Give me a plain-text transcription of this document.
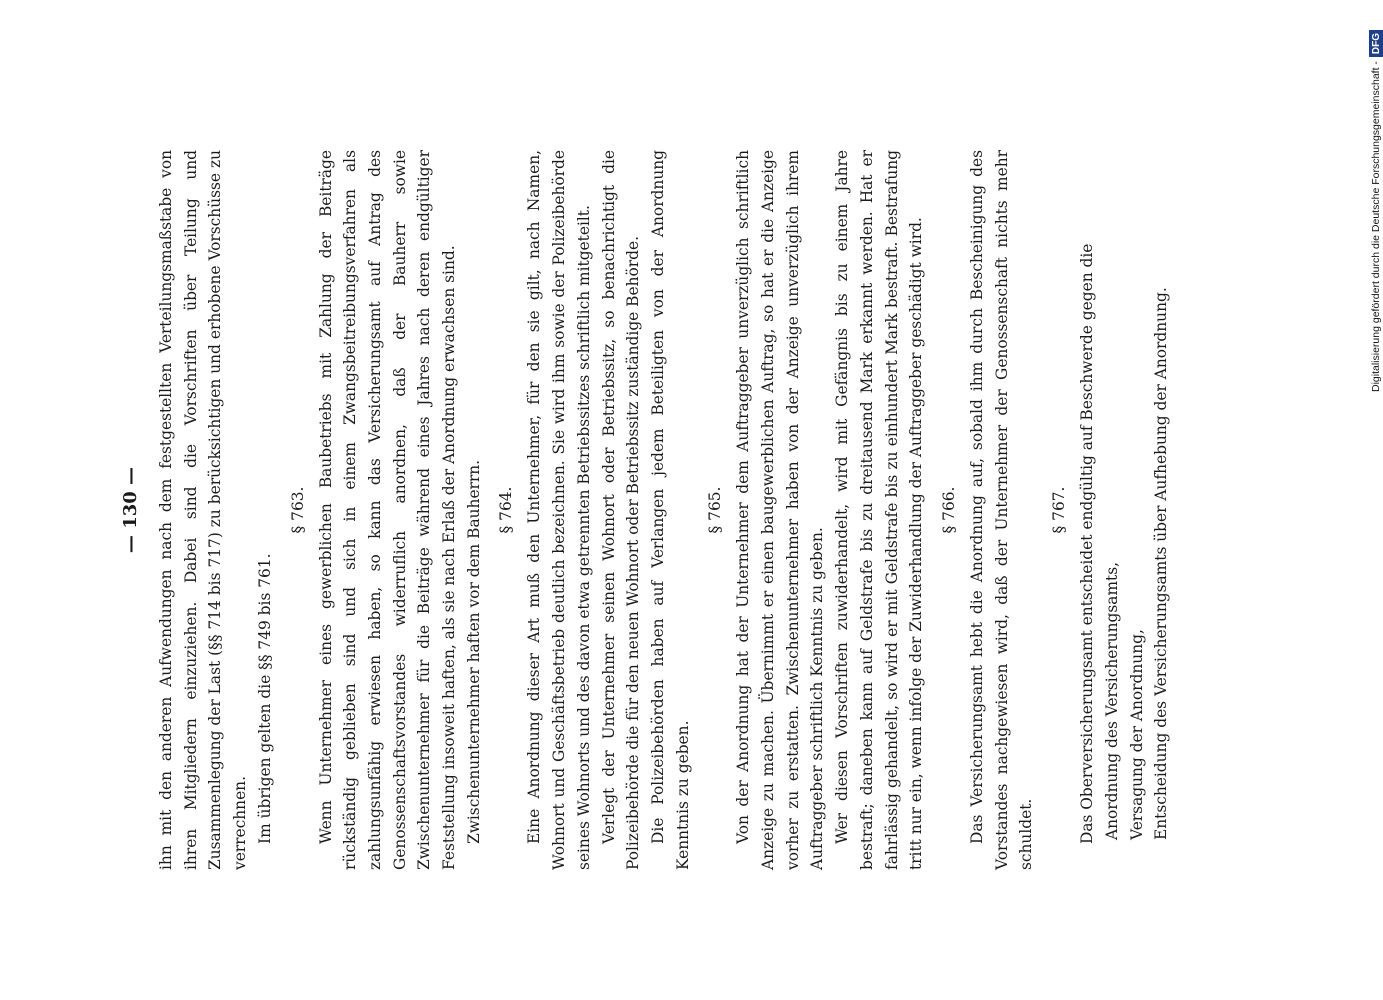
— 130 — ihn mit den anderen Aufwendungen nach dem festgestellten Verteilungsmaßstabe von ihren Mitgliedern einzuziehen. Dabei sind die Vorschriften über Teilung und Zusammenlegung der Last (§§ 714 bis 717) zu berücksichtigen und erhobene Vorschüsse zu verrechnen. Im übrigen gelten die §§ 749 bis 761.

§ 763. Wenn Unternehmer eines gewerblichen Baubetriebs mit Zahlung der Beiträge rückständig geblieben sind und sich in einem Zwangsbeitreibungsverfahren als zahlungsunfähig erwiesen haben, so kann das Versicherungsamt auf Antrag des Genossenschaftsvorstandes widerruflich anordnen, daß der Bauherr sowie Zwischenunternehmer für die Beiträge während eines Jahres nach deren endgültiger Feststellung insoweit haften, als sie nach Erlaß der Anordnung erwachsen sind. Zwischenunternehmer haften vor dem Bauherrn. § 764. Eine Anordnung dieser Art muß den Unternehmer, für den sie gilt, nach Namen, Wohnort und Geschäftsbetrieb deutlich bezeichnen. Sie wird ihm sowie der Polizeibehörde seines Wohnorts und des davon etwa getrennten Betriebssitzes schriftlich mitgeteilt. Verlegt der Unternehmer seinen Wohnort oder Betriebssitz, so benachrichtigt die Polizeibehörde die für den neuen Wohnort oder Betriebssitz zuständige Behörde. Die Polizeibehörden haben auf Verlangen jedem Beteiligten von der Anordnung Kenntnis zu geben.

§ 765. Von der Anordnung hat der Unternehmer dem Auftraggeber unverzüglich schriftlich Anzeige zu machen. Übernimmt er einen baugewerblichen Auftrag, so hat er die Anzeige vorher zu erstatten. Zwischenunternehmer haben von der Anzeige unverzüglich ihrem Auftraggeber schriftlich Kenntnis zu geben. Wer diesen Vorschriften zuwiderhandelt, wird mit Gefängnis bis zu einem Jahre bestraft; daneben kann auf Geldstrafe bis zu dreitausend Mark erkannt werden. Hat er fahrlässig gehandelt, so wird er mit Geldstrafe bis zu einhundert Mark bestraft. Bestrafung tritt nur ein, wenn infolge der Zuwiderhandlung der Auftraggeber geschädigt wird. § 766. Das Versicherungsamt hebt die Anordnung auf, sobald ihm durch Bescheinigung des Vorstandes nachgewiesen wird, daß der Unternehmer der Genossenschaft nichts mehr schuldet.

§ 767. Das Oberversicherungsamt entscheidet endgültig auf Beschwerde gegen die Anordnung des Versicherungsamts, Versagung der Anordnung, Entscheidung des Versicherungsamts über Aufhebung der Anordnung.
Digitalisierung gefördert durch die Deutsche Forschungsgemeinschaft -DFG
